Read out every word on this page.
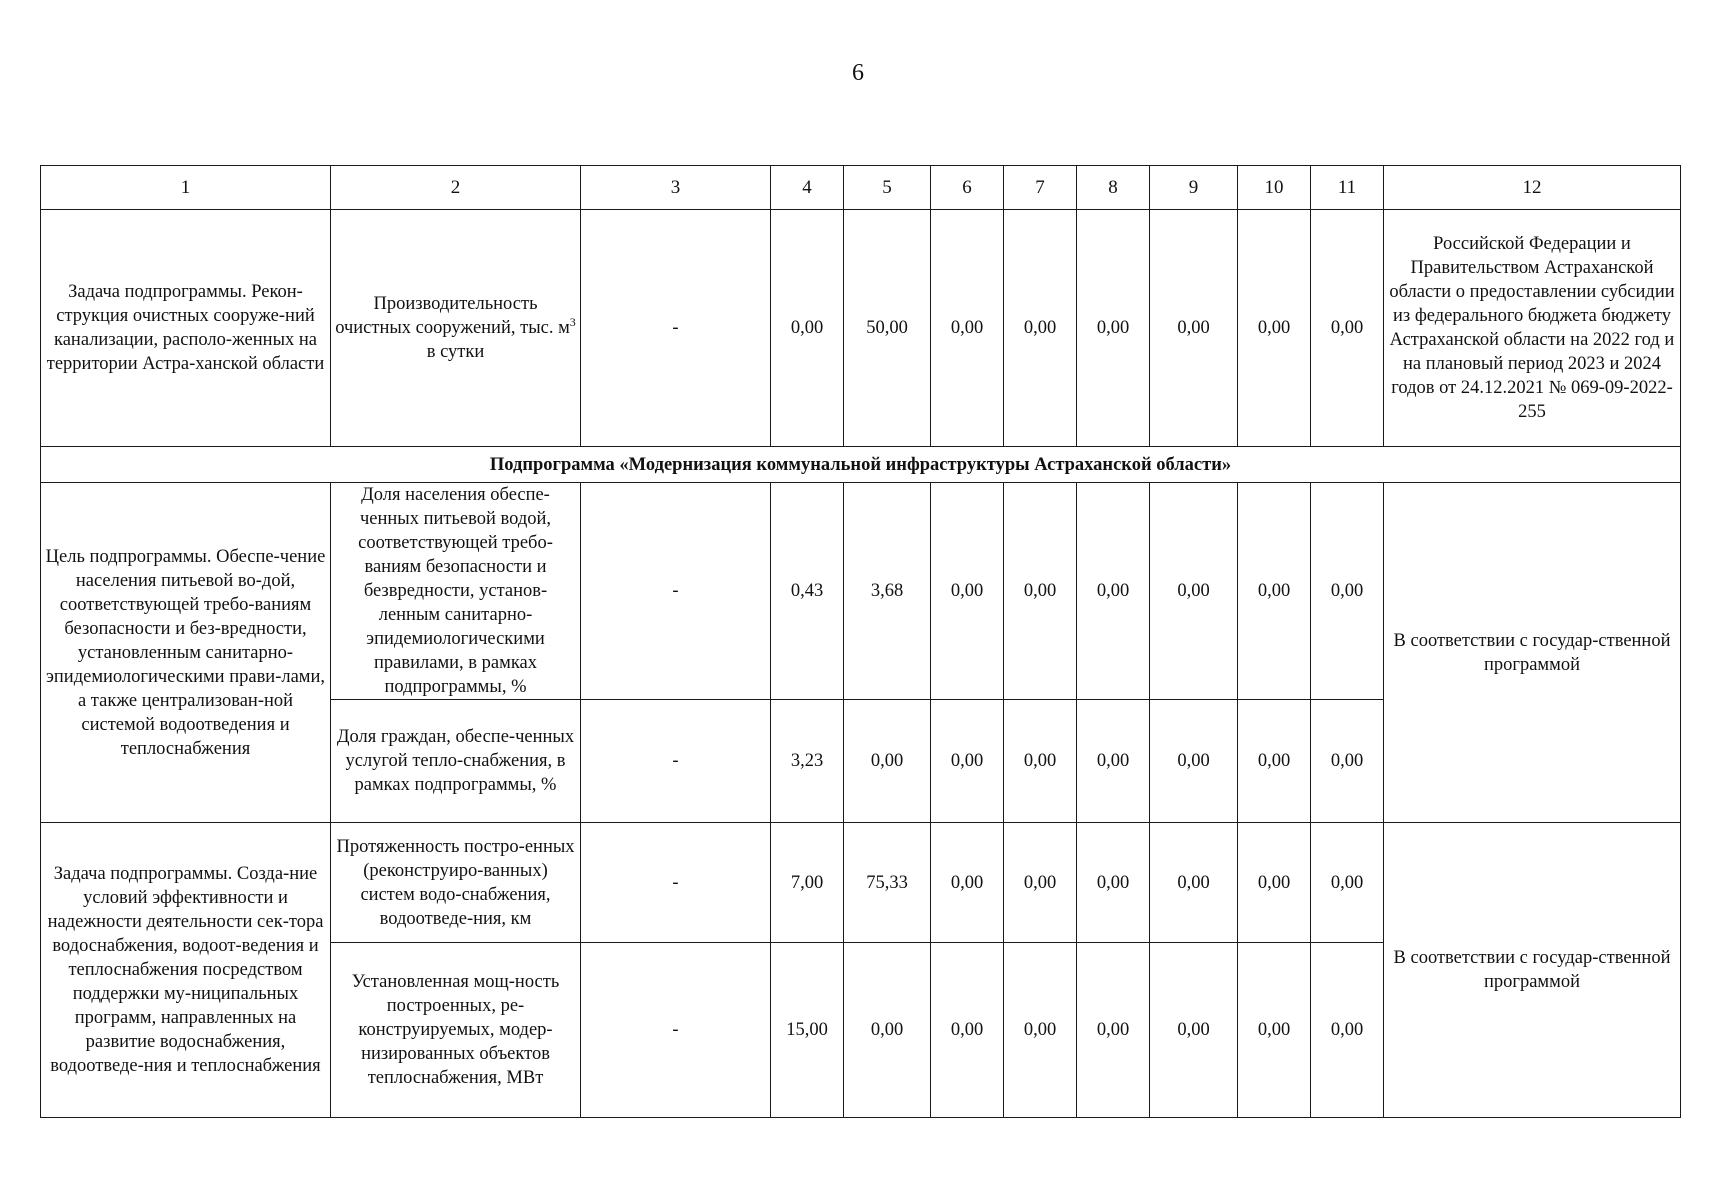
6
1	2	3	4	5	6	7	8	9	10	11	12
Задача подпрограммы. Рекон-струкция очистных сооруже-ний канализации, располо-женных на территории Астра-ханской области	Производительность очистных сооружений, тыс. $м^3$ в сутки	-	0,00	50,00	0,00	0,00	0,00	0,00	0,00	0,00	Российской Федерации и Правительством Астраханской области о предоставлении субсидии из федерального бюджета бюджету Астраханской области на 2022 год и на плановый период 2023 и 2024 годов от 24.12.2021 № 069-09-2022-255
Подпрограмма «Модернизация коммунальной инфраструктуры Астраханской области»											
Цель подпрограммы. Обеспе-чение населения питьевой во-дой, соответствующей требо-ваниям безопасности и без-вредности, установленным санитарно-эпидемиологическими прави-лами, а также централизован-ной системой водоотведения и теплоснабжения	Доля населения обеспе-ченных питьевой водой, соответствующей требо-ваниям безопасности и безвредности, установ-ленным санитарно-эпидемиологическими правилами, в рамках подпрограммы, %	-	0,43	3,68	0,00	0,00	0,00	0,00	0,00	0,00	В соответствии с государ-ственной программой
	Доля граждан, обеспе-ченных услугой тепло-снабжения, в рамках подпрограммы, %	-	3,23	0,00	0,00	0,00	0,00	0,00	0,00	0,00	
Задача подпрограммы. Созда-ние условий эффективности и надежности деятельности сек-тора водоснабжения, водоот-ведения и теплоснабжения посредством поддержки му-ниципальных программ, направленных на развитие водоснабжения, водоотведе-ния и теплоснабжения	Протяженность постро-енных (реконструиро-ванных) систем водо-снабжения, водоотведе-ния, км	-	7,00	75,33	0,00	0,00	0,00	0,00	0,00	0,00	В соответствии с государ-ственной программой
	Установленная мощ-ность построенных, ре-конструируемых, модер-низированных объектов теплоснабжения, МВт	-	15,00	0,00	0,00	0,00	0,00	0,00	0,00	0,00	
